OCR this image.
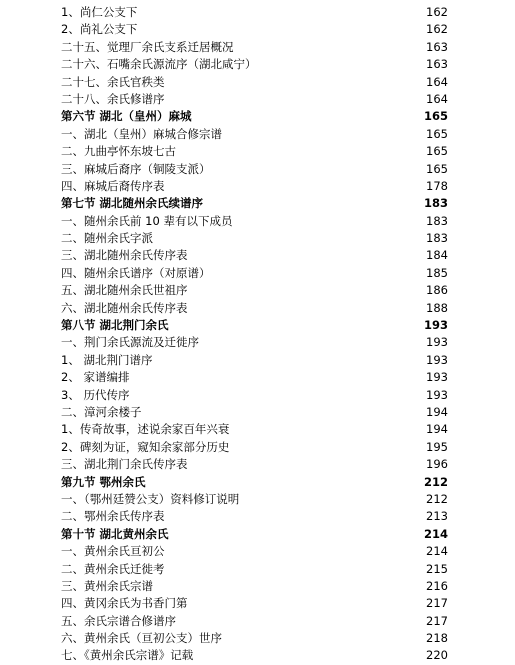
1、尚仁公支下	162
2、尚礼公支下	162
二十五、觉理厂余氏支系迁居概况	163
二十六、石嘴余氏源流序（湖北咸宁）	163
二十七、余氏官秩类	164
二十八、余氏修谱序	164
第六节 湖北（皇州）麻城	165
一、湖北（皇州）麻城合修宗谱	165
二、九曲亭怀东坡七古	165
三、麻城后裔序（铜陵支派）	165
四、麻城后裔传序表	178
第七节 湖北随州余氏续谱序	183
一、随州余氏前 10 辈有以下成员	183
二、随州余氏字派	183
三、湖北随州余氏传序表	184
四、随州余氏谱序（对原谱）	185
五、湖北随州余氏世祖序	186
六、湖北随州余氏传序表	188
第八节 湖北荆门余氏	193
一、荆门余氏源流及迁徙序	193
1、 湖北荆门谱序	193
2、 家谱编排	193
3、 历代传序	193
二、漳河余楼子	194
1、传奇故事，述说余家百年兴衰	194
2、碑刻为证，窥知余家部分历史	195
三、湖北荆门余氏传序表	196
第九节 鄂州余氏	212
一、（鄂州廷赞公支）资料修订说明	212
二、鄂州余氏传序表	213
第十节 湖北黄州余氏	214
一、黄州余氏亘初公	214
二、黄州余氏迁徙考	215
三、黄州余氏宗谱	216
四、黄冈余氏为书香门第	217
五、余氏宗谱合修谱序	217
六、黄州余氏（亘初公支）世序	218
七、《黄州余氏宗谱》记载	220
